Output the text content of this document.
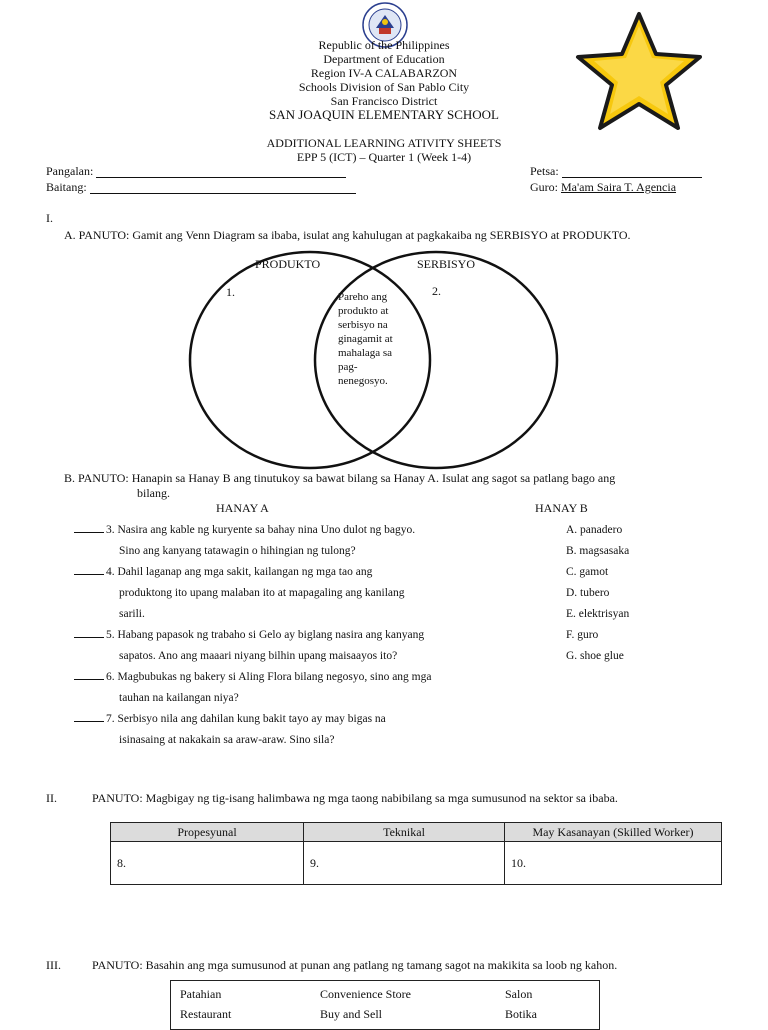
Republic of the Philippines
Department of Education
Region IV-A CALABARZON
Schools Division of San Pablo City
San Francisco District
SAN JOAQUIN ELEMENTARY SCHOOL
ADDITIONAL LEARNING ATIVITY SHEETS
EPP 5 (ICT) – Quarter 1 (Week 1-4)
Pangalan:
Baitang:
Petsa:
Guro: Ma'am Saira T. Agencia
I.
A. PANUTO: Gamit ang Venn Diagram sa ibaba, isulat ang kahulugan at pagkakaiba ng SERBISYO at PRODUKTO.
PRODUKTO	SERBISYO
1.	2.
Pareho ang
produkto at
serbisyo na
ginagamit at
mahalaga sa
pag-
nenegosyo.
B. PANUTO: Hanapin sa Hanay B ang tinutukoy sa bawat bilang sa Hanay A. Isulat ang sagot sa patlang bago ang
bilang.
HANAY A	HANAY B
3. Nasira ang kable ng kuryente sa bahay nina Uno dulot ng bagyo.
Sino ang kanyang tatawagin o hihingian ng tulong?
4. Dahil laganap ang mga sakit, kailangan ng mga tao ang
produktong ito upang malaban ito at mapagaling ang kanilang
sarili.
5. Habang papasok ng trabaho si Gelo ay biglang nasira ang kanyang
sapatos. Ano ang maaari niyang bilhin upang maisaayos ito?
6. Magbubukas ng bakery si Aling Flora bilang negosyo, sino ang mga
tauhan na kailangan niya?
7. Serbisyo nila ang dahilan kung bakit tayo ay may bigas na
isinasaing at nakakain sa araw-araw. Sino sila?
A. panadero
B. magsasaka
C. gamot
D. tubero
E. elektrisyan
F. guro
G. shoe glue
II.	PANUTO: Magbigay ng tig-isang halimbawa ng mga taong nabibilang sa mga sumusunod na sektor sa ibaba.
Propesyunal	Teknikal	May Kasanayan (Skilled Worker)
8.	9.	10.
III.	PANUTO: Basahin ang mga sumusunod at punan ang patlang ng tamang sagot na makikita sa loob ng kahon.
Patahian	Convenience Store	Salon
Restaurant	Buy and Sell	Botika
